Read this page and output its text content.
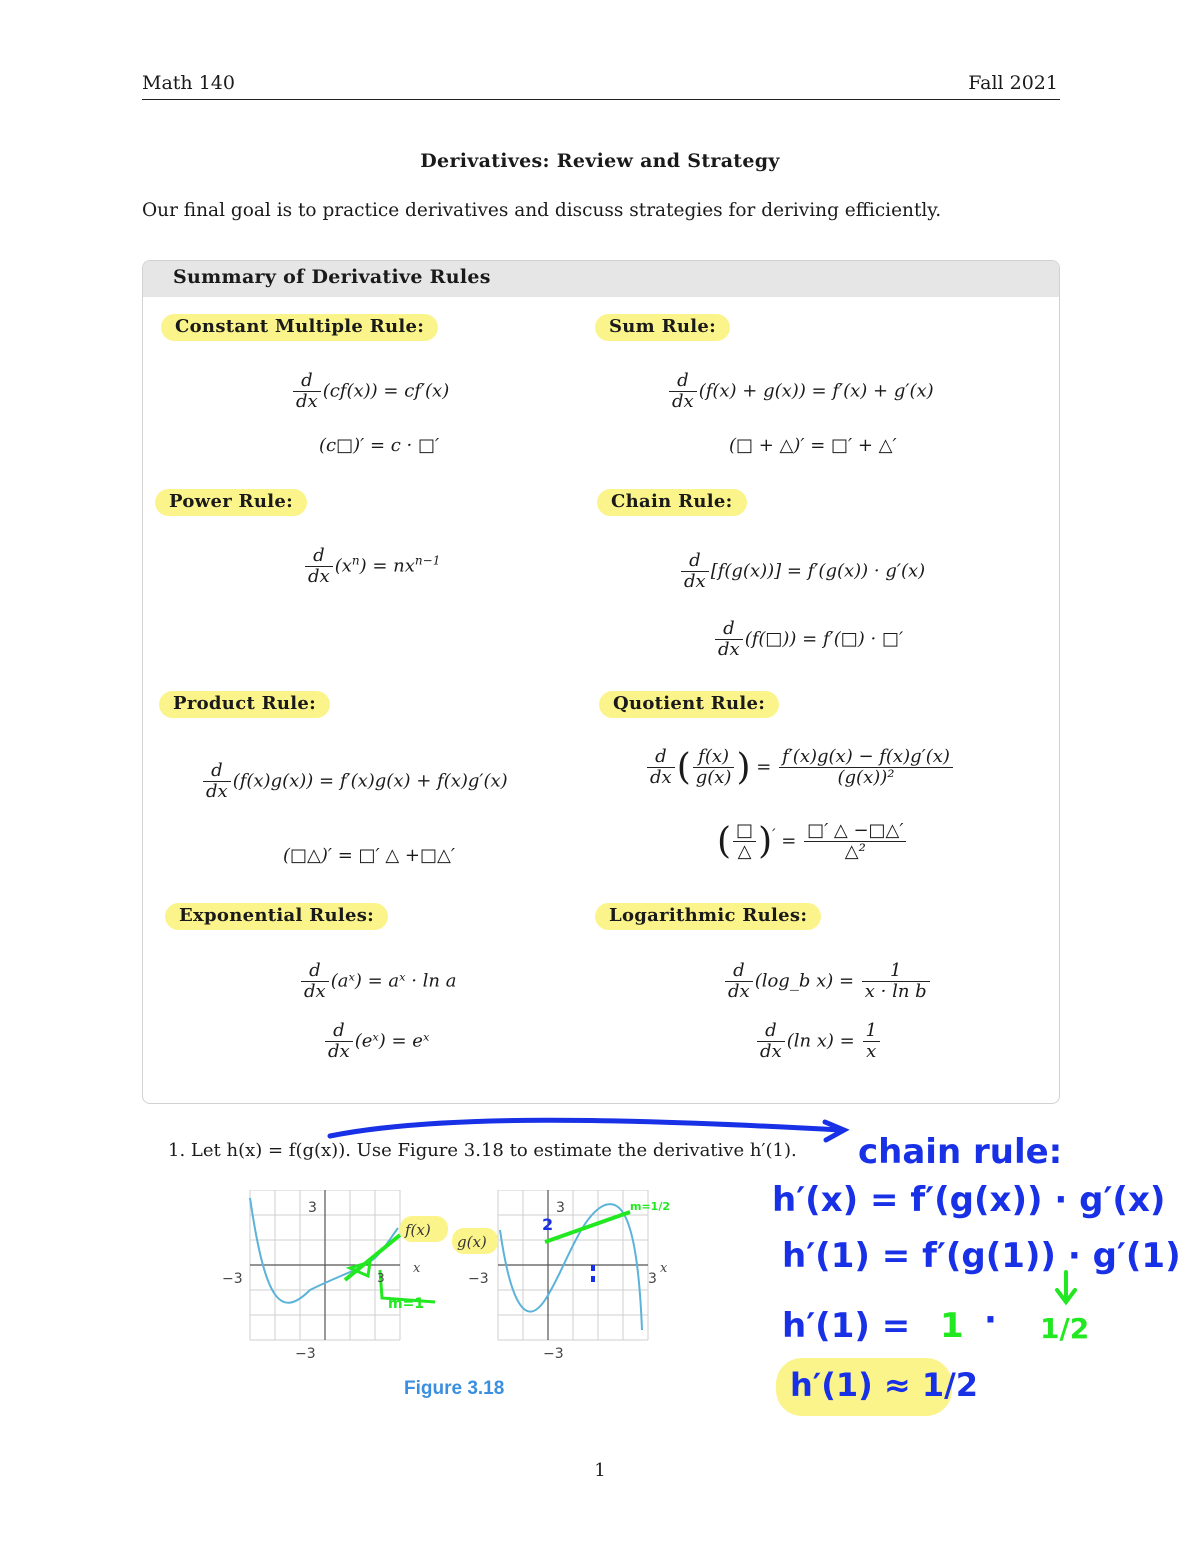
Math 140	Fall 2021
Derivatives: Review and Strategy
Our final goal is to practice derivatives and discuss strategies for deriving efficiently.
Summary of Derivative Rules
Constant Multiple Rule:
$\frac{d}{dx} (cf(x)) = cf'(x)$
(c□)′ = c · □′
Sum Rule:
$\frac{d}{dx} (f(x) + g(x)) = f'(x) + g'(x)$
(□ + △)′ = □′ + △′
Power Rule:
$\frac{d}{dx} (x^n) = nx^{n-1}$
Chain Rule:
$\frac{d}{dx} [f(g(x))] = f'(g(x)) \cdot g'(x)$
$\frac{d}{dx}$ (f(□)) = f′(□) · □′
Product Rule:
$\frac{d}{dx} (f(x)g(x)) = f'(x)g(x) + f(x)g'(x)$
(□△)′ = □′ △ +□△′
Quotient Rule:
$\frac{d}{dx}$ ( $\frac{f(x)}{g(x)}$ ) = $\frac{f'(x)g(x) - f(x)g'(x)}{\text{(g(x))²}}$
( $\frac{□}{\triangle} )' = \frac{□' \triangle -□\triangle'}{\text{△²}}$
Exponential Rules:
$\frac{d}{dx}$ (aˣ) = aˣ · ln a
$\frac{d}{dx}$ (eˣ) = eˣ
Logarithmic Rules:
$\frac{d}{dx}$ (log_b $x) = \frac{1}{\text{x · ln b}}$
$\frac{d}{dx} (\ln$ $x) = \frac{1}{x}$
1. Let h(x) = f(g(x)). Use Figure 3.18 to estimate the derivative h′(1).
3
−3	3
−3
x
f(x)
m=1
3
−3	3
−3
x
2
g(x)
m=1/2
Figure 3.18
chain rule:
h′(x) = f′(g(x)) · g′(x)
h′(1) = f′(g(1)) · g′(1)
h′(1) = 1 · 1/2
h′(1) ≈ 1/2
1
